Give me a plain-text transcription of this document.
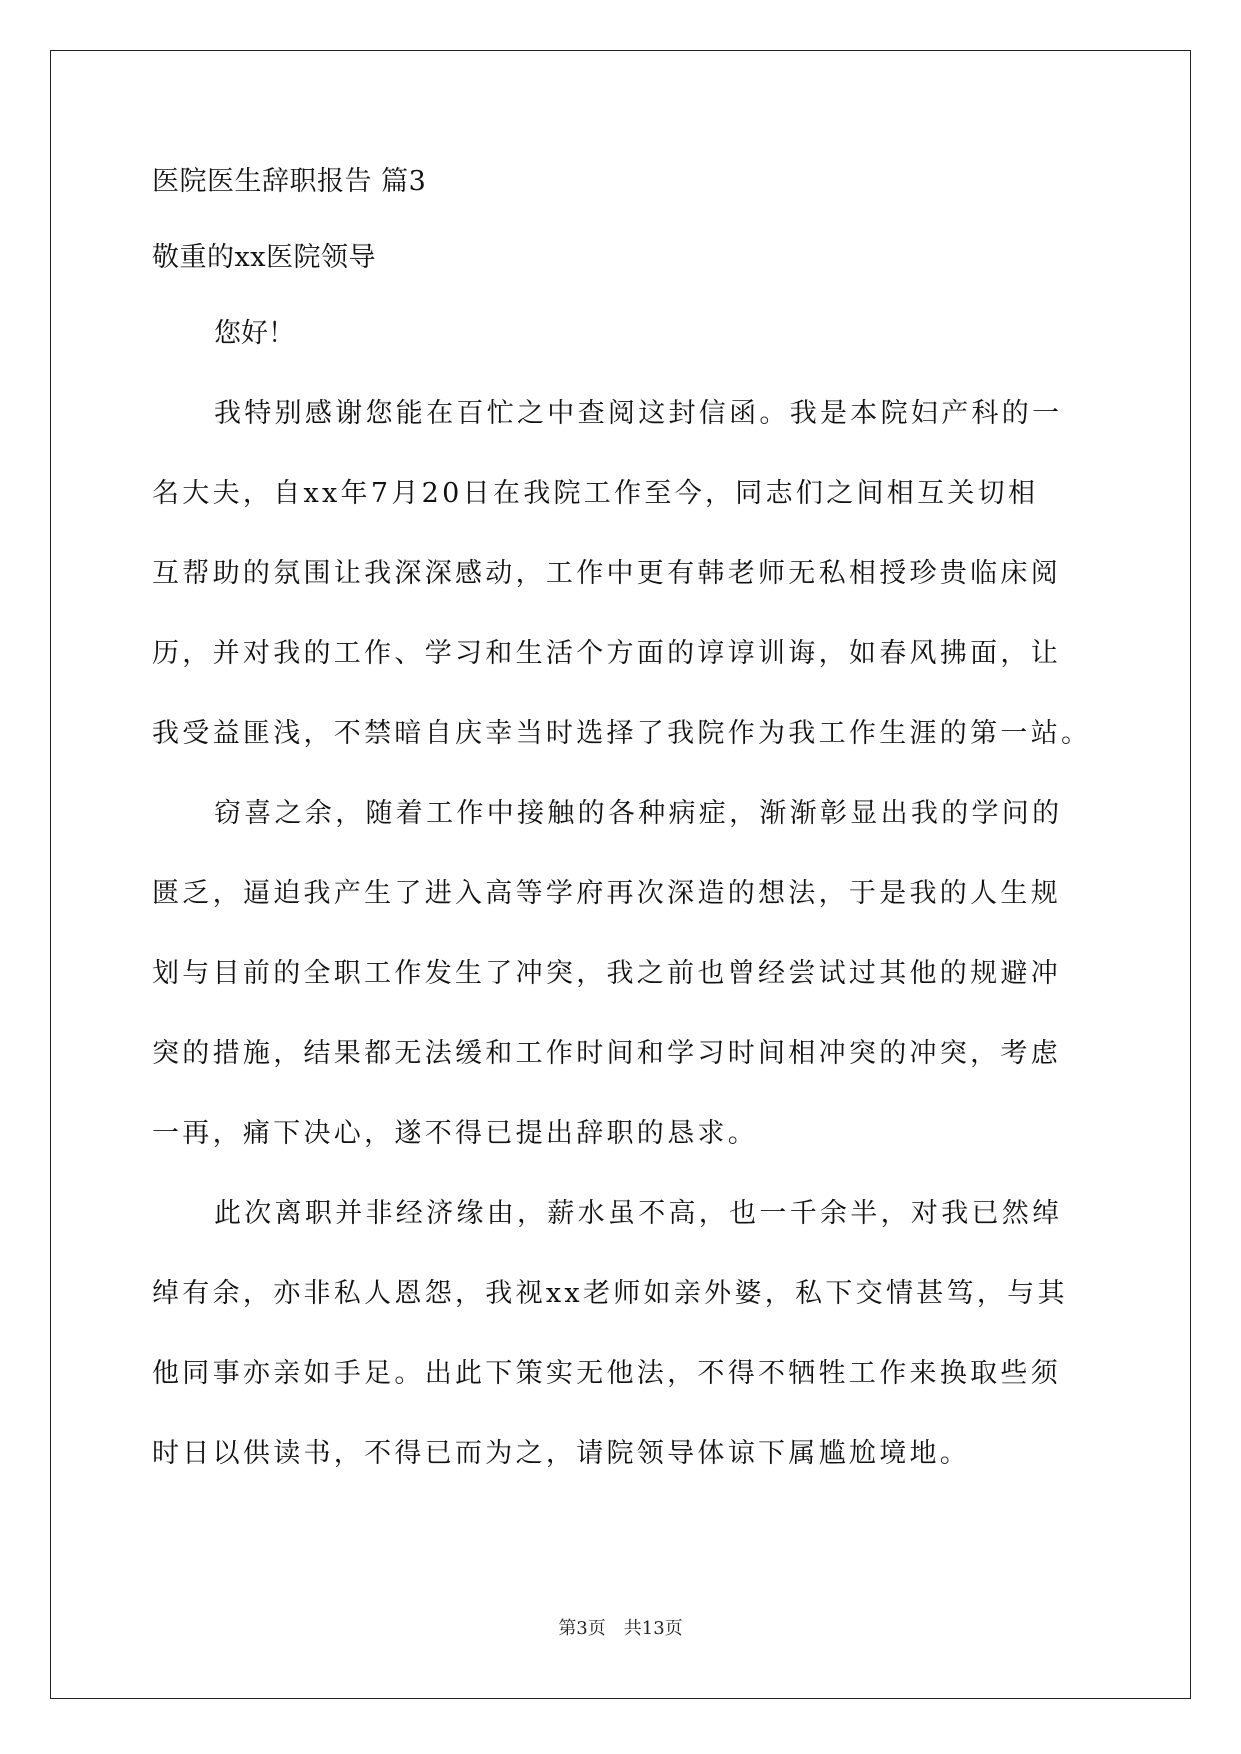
医院医生辞职报告 篇3

敬重的xx医院领导

您好！

我特别感谢您能在百忙之中查阅这封信函。我是本院妇产科的一
名大夫，自xx年7月20日在我院工作至今，同志们之间相互关切相
互帮助的氛围让我深深感动，工作中更有韩老师无私相授珍贵临床阅
历，并对我的工作、学习和生活个方面的谆谆训诲，如春风拂面，让
我受益匪浅，不禁暗自庆幸当时选择了我院作为我工作生涯的第一站。

窃喜之余，随着工作中接触的各种病症，渐渐彰显出我的学问的
匮乏，逼迫我产生了进入高等学府再次深造的想法，于是我的人生规
划与目前的全职工作发生了冲突，我之前也曾经尝试过其他的规避冲
突的措施，结果都无法缓和工作时间和学习时间相冲突的冲突，考虑
一再，痛下决心，遂不得已提出辞职的恳求。

此次离职并非经济缘由，薪水虽不高，也一千余半，对我已然绰
绰有余，亦非私人恩怨，我视xx老师如亲外婆，私下交情甚笃，与其
他同事亦亲如手足。出此下策实无他法，不得不牺牲工作来换取些须
时日以供读书，不得已而为之，请院领导体谅下属尴尬境地。

第3页 共13页
